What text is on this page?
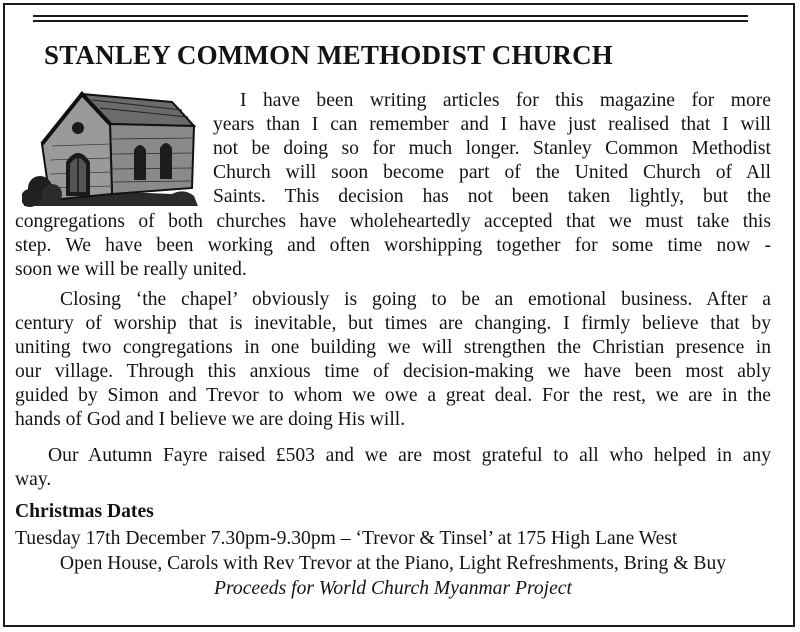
STANLEY COMMON METHODIST CHURCH
I have been writing articles for this magazine for more
years than I can remember and I have just realised that I will
not be doing so for much longer. Stanley Common Methodist
Church will soon become part of the United Church of All
Saints. This decision has not been taken lightly, but the
congregations of both churches have wholeheartedly accepted that we must take this
step. We have been working and often worshipping together for some time now -
soon we will be really united.
Closing ‘the chapel’ obviously is going to be an emotional business. After a
century of worship that is inevitable, but times are changing. I firmly believe that by
uniting two congregations in one building we will strengthen the Christian presence in
our village. Through this anxious time of decision-making we have been most ably
guided by Simon and Trevor to whom we owe a great deal. For the rest, we are in the
hands of God and I believe we are doing His will.
Our Autumn Fayre raised £503 and we are most grateful to all who helped in any
way.
Christmas Dates
Tuesday 17th December 7.30pm-9.30pm – ‘Trevor & Tinsel’ at 175 High Lane West
Open House, Carols with Rev Trevor at the Piano, Light Refreshments, Bring & Buy
Proceeds for World Church Myanmar Project
